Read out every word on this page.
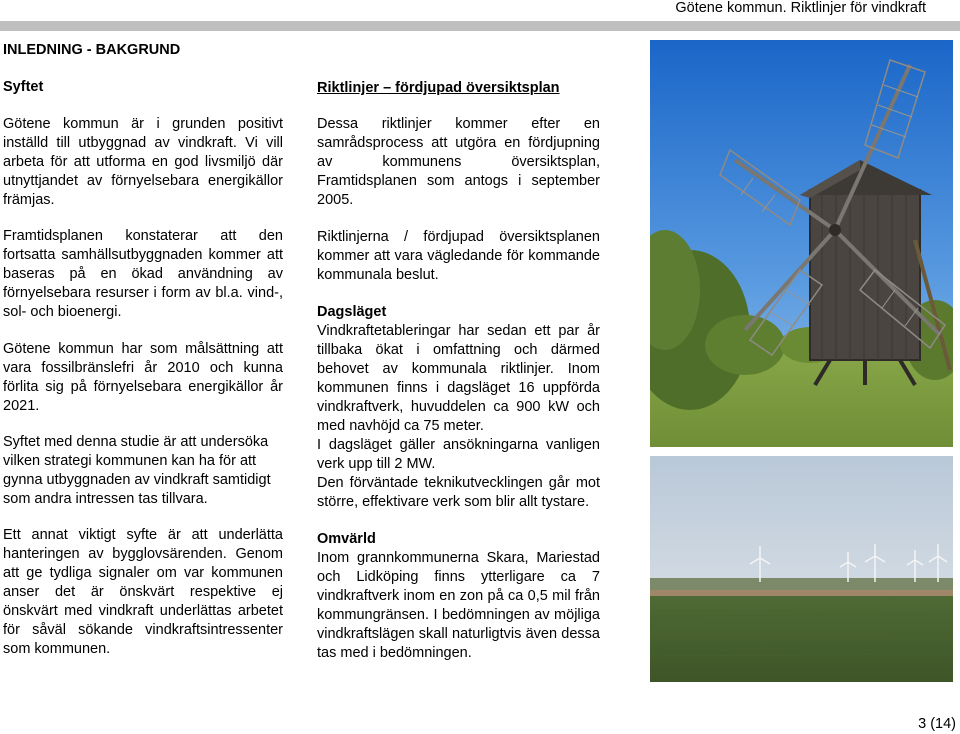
Götene kommun. Riktlinjer för vindkraft

INLEDNING - BAKGRUND

Syftet

Götene kommun är i grunden positivt inställd till utbyggnad av vindkraft. Vi vill arbeta för att utforma en god livsmiljö där utnyttjandet av förnyelsebara energikällor främjas.

Framtidsplanen konstaterar att den fortsatta samhällsutbyggnaden kommer att baseras på en ökad användning av förnyelsebara resurser i form av bl.a. vind-, sol- och bioenergi.

Götene kommun har som målsättning att vara fossilbränslefri år 2010 och kunna förlita sig på förnyelsebara energikällor år 2021.

Syftet med denna studie är att undersöka vilken strategi kommunen kan ha för att gynna utbyggnaden av vindkraft samtidigt som andra intressen tas tillvara.

Ett annat viktigt syfte är att underlätta hanteringen av bygglovsärenden. Genom att ge tydliga signaler om var kommunen anser det är önskvärt respektive ej önskvärt med vindkraft underlättas arbetet för såväl sökande vindkraftsintressenter som kommunen.

Riktlinjer – fördjupad översiktsplan

Dessa riktlinjer kommer efter en samrådsprocess att utgöra en fördjupning av kommunens översiktsplan, Framtidsplanen som antogs i september 2005.

Riktlinjerna / fördjupad översiktsplanen kommer att vara vägledande för kommande kommunala beslut.

Dagsläget

Vindkraftetableringar har sedan ett par år tillbaka ökat i omfattning och därmed behovet av kommunala riktlinjer. Inom kommunen finns i dagsläget 16 uppförda vindkraftverk, huvuddelen ca 900 kW och med navhöjd ca 75 meter.

I dagsläget gäller ansökningarna vanligen verk upp till 2 MW.

Den förväntade teknikutvecklingen går mot större, effektivare verk som blir allt tystare.

Omvärld

Inom grannkommunerna Skara, Mariestad och Lidköping finns ytterligare ca 7 vindkraftverk inom en zon på ca 0,5 mil från kommungränsen. I bedömningen av möjliga vindkraftslägen skall naturligtvis även dessa tas med i bedömningen.

3 (14)
